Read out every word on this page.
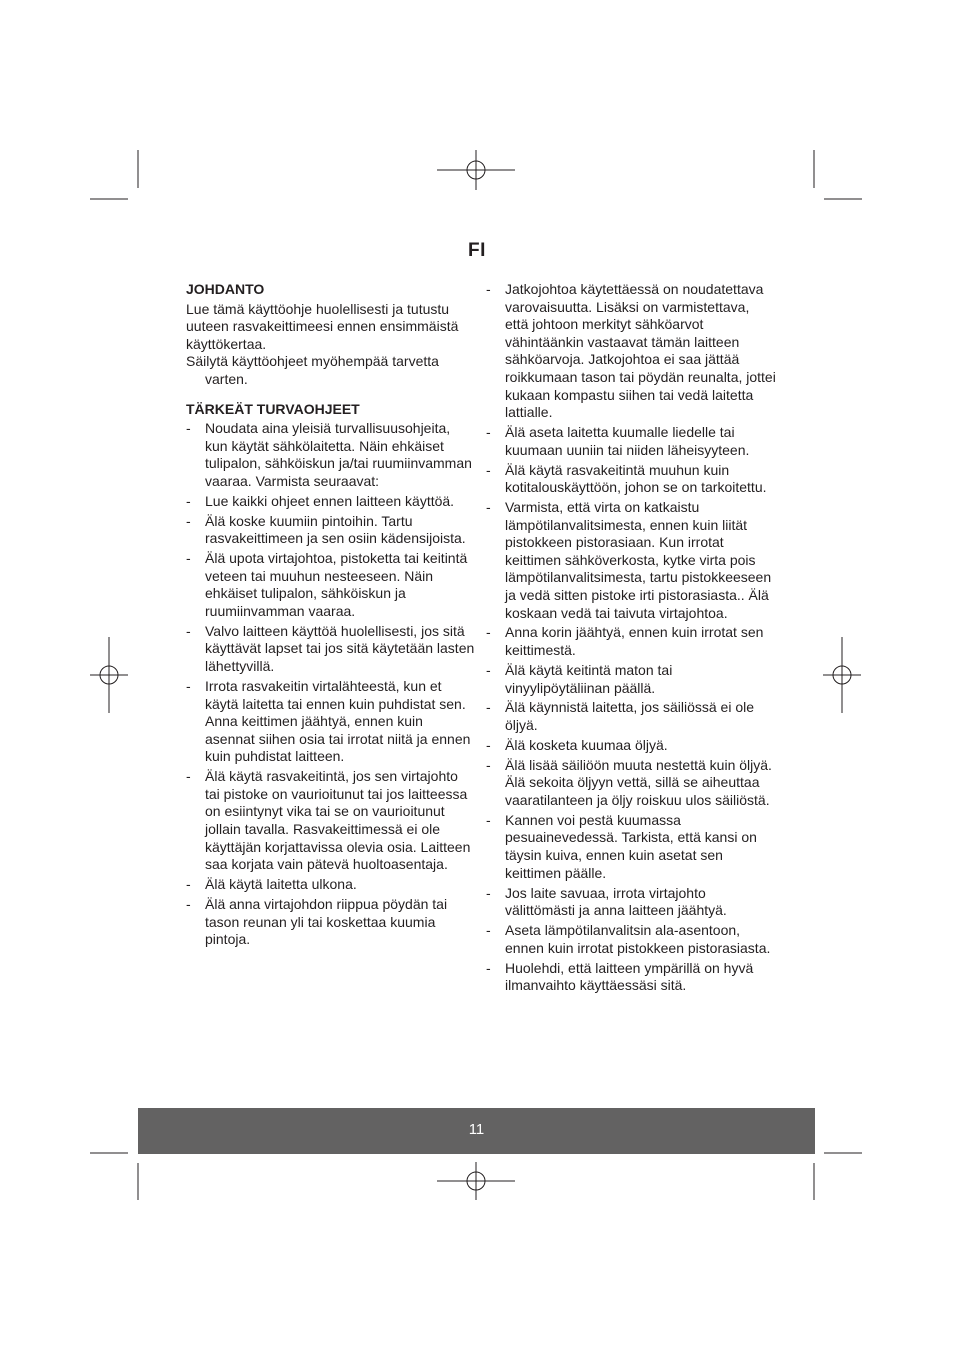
FI
JOHDANTO

Lue tämä käyttöohje huolellisesti ja tutustu uuteen rasvakeittimeesi ennen ensimmäistä käyttökertaa.

Säilytä käyttöohjeet myöhempää tarvetta varten.

TÄRKEÄT TURVAOHJEET
- Noudata aina yleisiä turvallisuusohjeita, kun käytät sähkölaitetta. Näin ehkäiset tulipalon, sähköiskun ja/tai ruumiinvamman vaaraa. Varmista seuraavat:
- Lue kaikki ohjeet ennen laitteen käyttöä.
- Älä koske kuumiin pintoihin. Tartu rasvakeittimeen ja sen osiin kädensijoista.
- Älä upota virtajohtoa, pistoketta tai keitintä veteen tai muuhun nesteeseen. Näin ehkäiset tulipalon, sähköiskun ja ruumiinvamman vaaraa.
- Valvo laitteen käyttöä huolellisesti, jos sitä käyttävät lapset tai jos sitä käytetään lasten lähettyvillä.
- Irrota rasvakeitin virtalähteestä, kun et käytä laitetta tai ennen kuin puhdistat sen. Anna keittimen jäähtyä, ennen kuin asennat siihen osia tai irrotat niitä ja ennen kuin puhdistat laitteen.
- Älä käytä rasvakeitintä, jos sen virtajohto tai pistoke on vaurioitunut tai jos laitteessa on esiintynyt vika tai se on vaurioitunut jollain tavalla. Rasvakeittimessä ei ole käyttäjän korjattavissa olevia osia. Laitteen saa korjata vain pätevä huoltoasentaja.
- Älä käytä laitetta ulkona.
- Älä anna virtajohdon riippua pöydän tai tason reunan yli tai koskettaa kuumia pintoja.
- Jatkojohtoa käytettäessä on noudatettava varovaisuutta. Lisäksi on varmistettava, että johtoon merkityt sähköarvot vähintäänkin vastaavat tämän laitteen sähköarvoja. Jatkojohtoa ei saa jättää roikkumaan tason tai pöydän reunalta, jottei kukaan kompastu siihen tai vedä laitetta lattialle.
- Älä aseta laitetta kuumalle liedelle tai kuumaan uuniin tai niiden läheisyyteen.
- Älä käytä rasvakeitintä muuhun kuin kotitalouskäyttöön, johon se on tarkoitettu.
- Varmista, että virta on katkaistu lämpötilanvalitsimesta, ennen kuin liität pistokkeen pistorasiaan. Kun irrotat keittimen sähköverkosta, kytke virta pois lämpötilanvalitsimesta, tartu pistokkeeseen ja vedä sitten pistoke irti pistorasiasta.. Älä koskaan vedä tai taivuta virtajohtoa.
- Anna korin jäähtyä, ennen kuin irrotat sen keittimestä.
- Älä käytä keitintä maton tai vinyylipöytäliinan päällä.
- Älä käynnistä laitetta, jos säiliössä ei ole öljyä.
- Älä kosketa kuumaa öljyä.
- Älä lisää säiliöön muuta nestettä kuin öljyä. Älä sekoita öljyyn vettä, sillä se aiheuttaa vaaratilanteen ja öljy roiskuu ulos säiliöstä.
- Kannen voi pestä kuumassa pesuainevedessä. Tarkista, että kansi on täysin kuiva, ennen kuin asetat sen keittimen päälle.
- Jos laite savuaa, irrota virtajohto välittömästi ja anna laitteen jäähtyä.
- Aseta lämpötilanvalitsin ala-asentoon, ennen kuin irrotat pistokkeen pistorasiasta.
- Huolehdi, että laitteen ympärillä on hyvä ilmanvaihto käyttäessäsi sitä.
11
